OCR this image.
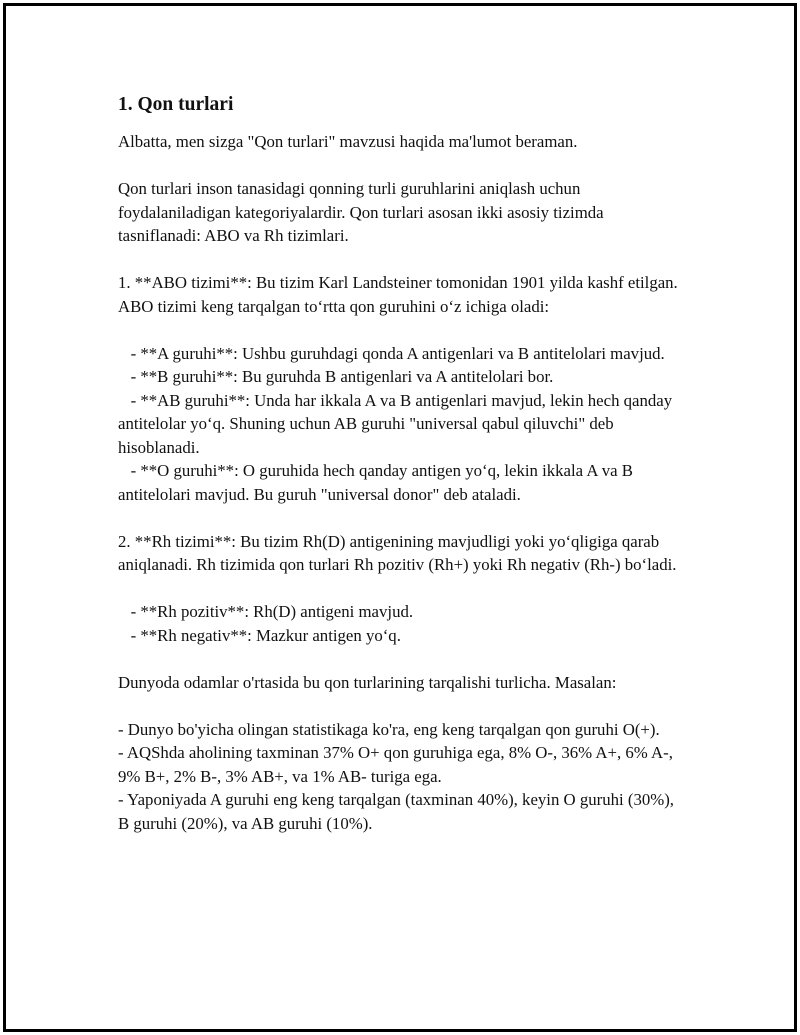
1. Qon turlari

Albatta, men sizga "Qon turlari" mavzusi haqida ma'lumot beraman.

Qon turlari inson tanasidagi qonning turli guruhlarini aniqlash uchun foydalaniladigan kategoriyalardir. Qon turlari asosan ikki asosiy tizimda tasniflanadi: ABO va Rh tizimlari.

1. **ABO tizimi**: Bu tizim Karl Landsteiner tomonidan 1901 yilda kashf etilgan. ABO tizimi keng tarqalgan to‘rtta qon guruhini o‘z ichiga oladi:

- **A guruhi**: Ushbu guruhdagi qonda A antigenlari va B antitelolari mavjud.

- **B guruhi**: Bu guruhda B antigenlari va A antitelolari bor.

- **AB guruhi**: Unda har ikkala A va B antigenlari mavjud, lekin hech qanday antitelolar yo‘q. Shuning uchun AB guruhi "universal qabul qiluvchi" deb hisoblanadi.

- **O guruhi**: O guruhida hech qanday antigen yo‘q, lekin ikkala A va B antitelolari mavjud. Bu guruh "universal donor" deb ataladi.

2. **Rh tizimi**: Bu tizim Rh(D) antigenining mavjudligi yoki yo‘qligiga qarab aniqlanadi. Rh tizimida qon turlari Rh pozitiv (Rh+) yoki Rh negativ (Rh-) bo‘ladi.

- **Rh pozitiv**: Rh(D) antigeni mavjud.

- **Rh negativ**: Mazkur antigen yo‘q.

Dunyoda odamlar o'rtasida bu qon turlarining tarqalishi turlicha. Masalan:

- Dunyo bo'yicha olingan statistikaga ko'ra, eng keng tarqalgan qon guruhi O(+).

- AQShda aholining taxminan 37% O+ qon guruhiga ega, 8% O-, 36% A+, 6% A-, 9% B+, 2% B-, 3% AB+, va 1% AB- turiga ega.

- Yaponiyada A guruhi eng keng tarqalgan (taxminan 40%), keyin O guruhi (30%), B guruhi (20%), va AB guruhi (10%).
